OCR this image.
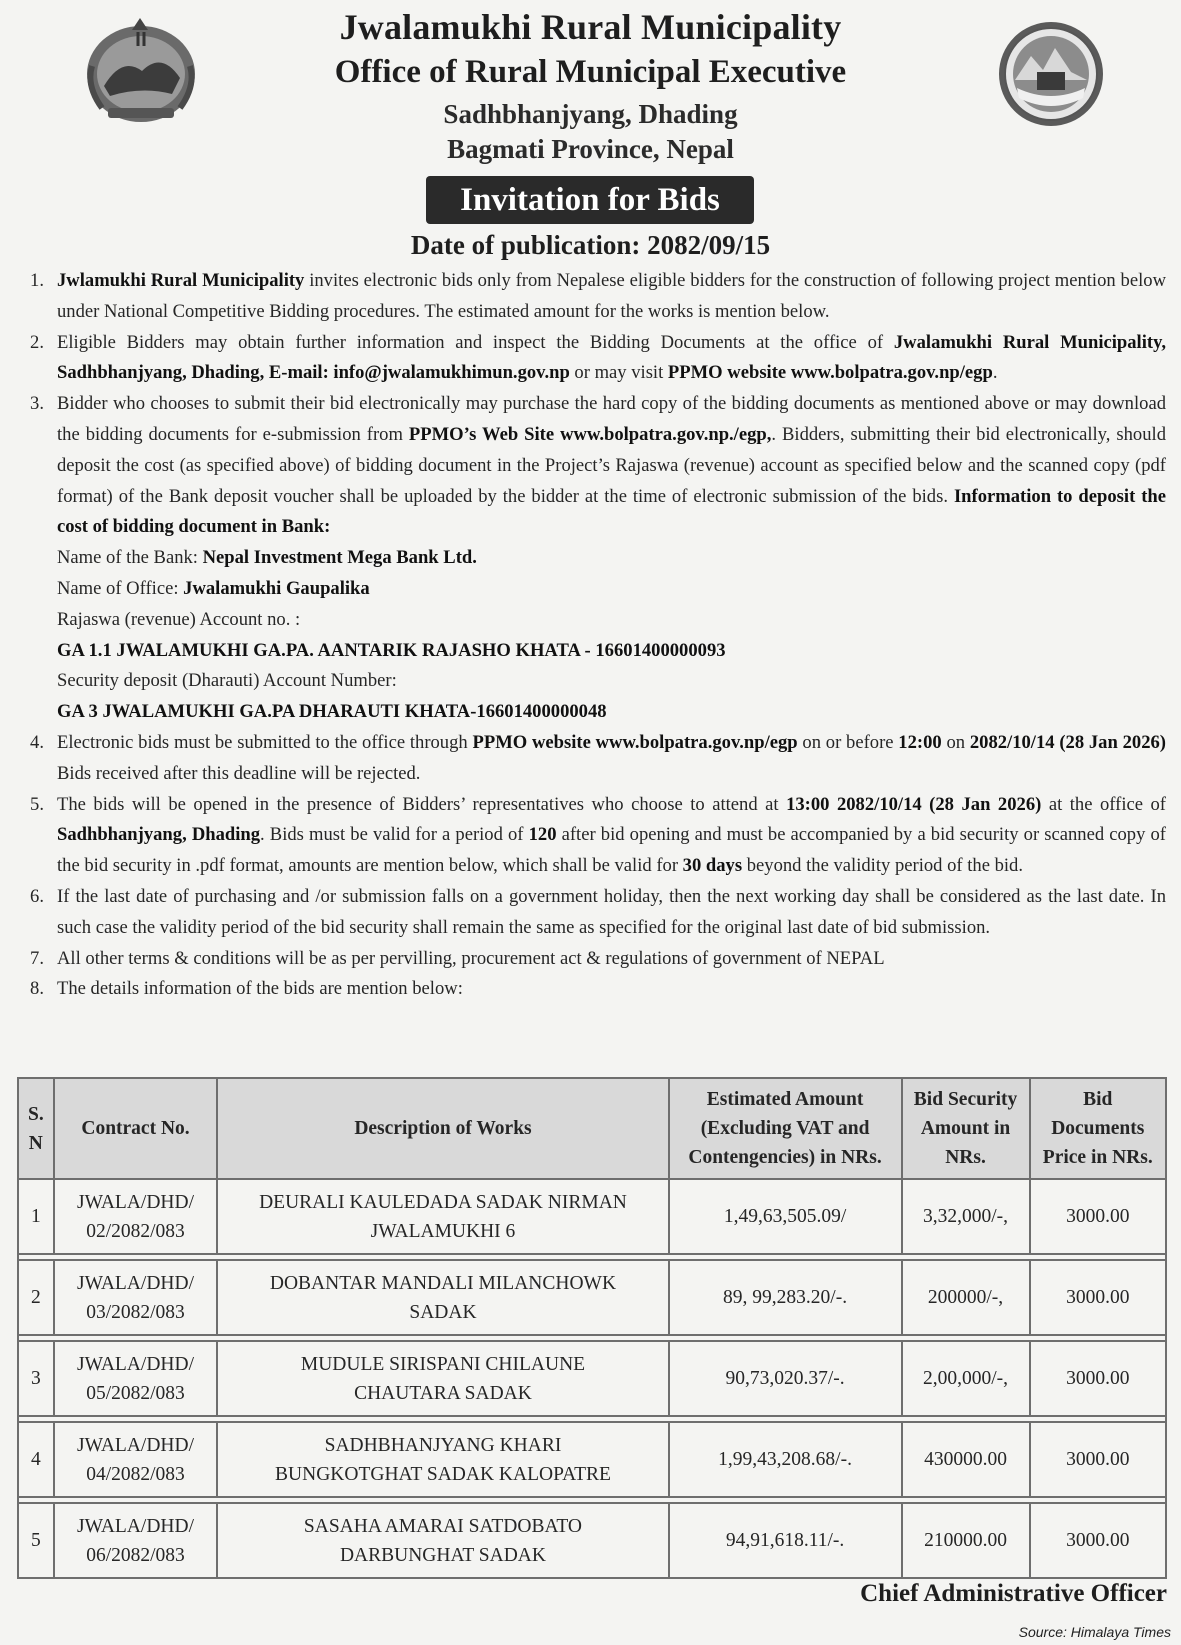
Jwalamukhi Rural Municipality
Office of Rural Municipal Executive
Sadhbhanjyang, Dhading
Bagmati Province, Nepal
Invitation for Bids
Date of publication: 2082/09/15
1. Jwlamukhi Rural Municipality invites electronic bids only from Nepalese eligible bidders for the construction of following project mention below under National Competitive Bidding procedures. The estimated amount for the works is mention below.
2. Eligible Bidders may obtain further information and inspect the Bidding Documents at the office of Jwalamukhi Rural Municipality, Sadhbhanjyang, Dhading, E-mail: info@jwalamukhimun.gov.np or may visit PPMO website www.bolpatra.gov.np/egp.
3. Bidder who chooses to submit their bid electronically may purchase the hard copy of the bidding documents as mentioned above or may download the bidding documents for e-submission from PPMO’s Web Site www.bolpatra.gov.np./egp,. Bidders, submitting their bid electronically, should deposit the cost (as specified above) of bidding document in the Project’s Rajaswa (revenue) account as specified below and the scanned copy (pdf format) of the Bank deposit voucher shall be uploaded by the bidder at the time of electronic submission of the bids. Information to deposit the cost of bidding document in Bank:
Name of the Bank: Nepal Investment Mega Bank Ltd.
Name of Office: Jwalamukhi Gaupalika
Rajaswa (revenue) Account no. :
GA 1.1 JWALAMUKHI GA.PA. AANTARIK RAJASHO KHATA - 16601400000093
Security deposit (Dharauti) Account Number:
GA 3 JWALAMUKHI GA.PA DHARAUTI KHATA-16601400000048
4. Electronic bids must be submitted to the office through PPMO website www.bolpatra.gov.np/egp on or before 12:00 on 2082/10/14 (28 Jan 2026) Bids received after this deadline will be rejected.
5. The bids will be opened in the presence of Bidders’ representatives who choose to attend at 13:00 2082/10/14 (28 Jan 2026) at the office of Sadhbhanjyang, Dhading. Bids must be valid for a period of 120 after bid opening and must be accompanied by a bid security or scanned copy of the bid security in .pdf format, amounts are mention below, which shall be valid for 30 days beyond the validity period of the bid.
6. If the last date of purchasing and /or submission falls on a government holiday, then the next working day shall be considered as the last date. In such case the validity period of the bid security shall remain the same as specified for the original last date of bid submission.
7. All other terms & conditions will be as per pervilling, procurement act & regulations of government of NEPAL
8. The details information of the bids are mention below:
S.
N	Contract No.	Description of Works	Estimated Amount
(Excluding VAT and
Contengencies) in NRs.	Bid Security
Amount in
NRs.	Bid
Documents
Price in NRs.
1	JWALA/DHD/
02/2082/083	DEURALI KAULEDADA SADAK NIRMAN
JWALAMUKHI 6	1,49,63,505.09/	3,32,000/-,	3000.00

2	JWALA/DHD/
03/2082/083	DOBANTAR MANDALI MILANCHOWK
SADAK	89, 99,283.20/-.	200000/-,	3000.00

3	JWALA/DHD/
05/2082/083	MUDULE SIRISPANI CHILAUNE
CHAUTARA SADAK	90,73,020.37/-.	2,00,000/-,	3000.00

4	JWALA/DHD/
04/2082/083	SADHBHANJYANG KHARI
BUNGKOTGHAT SADAK KALOPATRE	1,99,43,208.68/-.	430000.00	3000.00

5	JWALA/DHD/
06/2082/083	SASAHA AMARAI SATDOBATO
DARBUNGHAT SADAK	94,91,618.11/-.	210000.00	3000.00
Chief Administrative Officer
Source: Himalaya Times
